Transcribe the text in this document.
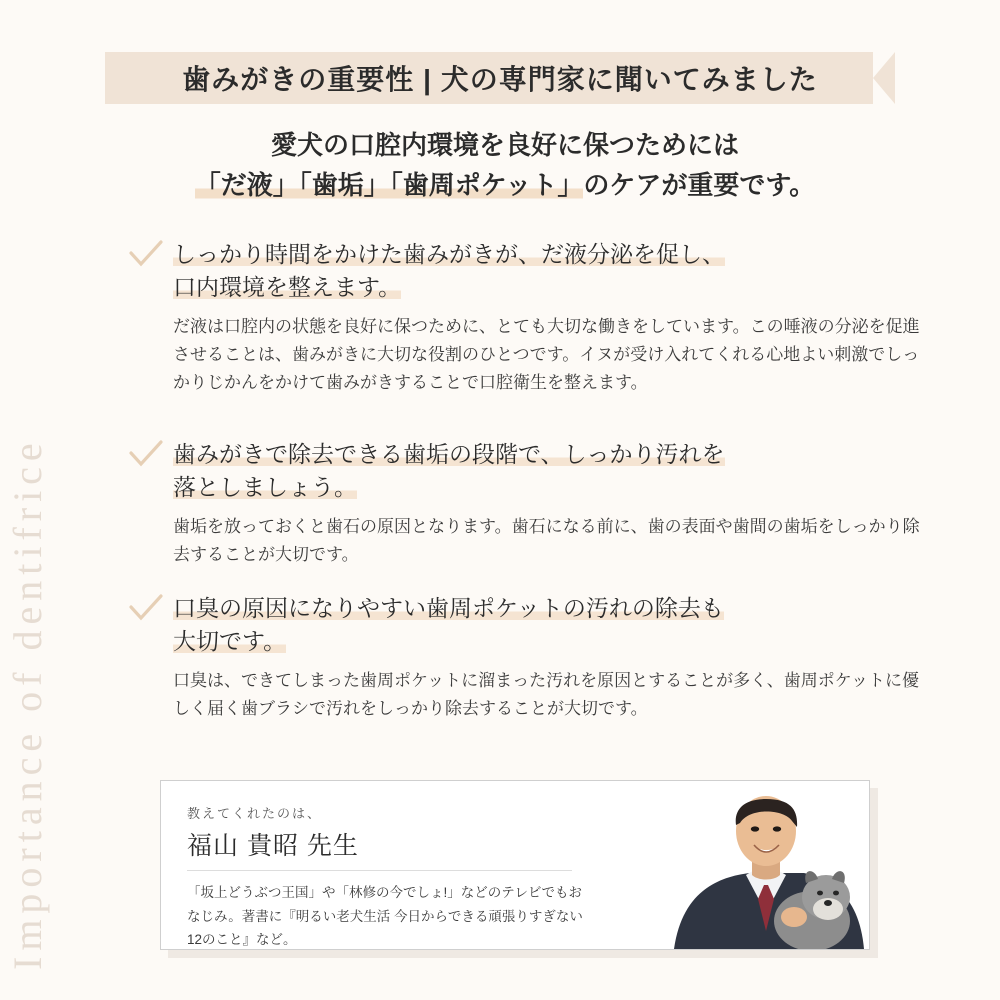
Importance of dentifrice
歯みがきの重要性 | 犬の専門家に聞いてみました
愛犬の口腔内環境を良好に保つためには
「だ液」「歯垢」「歯周ポケット」のケアが重要です。
しっかり時間をかけた歯みがきが、だ液分泌を促し、
口内環境を整えます。
だ液は口腔内の状態を良好に保つために、とても大切な働きをしています。この唾液の分泌を促進させることは、歯みがきに大切な役割のひとつです。イヌが受け入れてくれる心地よい刺激でしっかりじかんをかけて歯みがきすることで口腔衛生を整えます。
歯みがきで除去できる歯垢の段階で、しっかり汚れを
落としましょう。
歯垢を放っておくと歯石の原因となります。歯石になる前に、歯の表面や歯間の歯垢をしっかり除去することが大切です。
口臭の原因になりやすい歯周ポケットの汚れの除去も
大切です。
口臭は、できてしまった歯周ポケットに溜まった汚れを原因とすることが多く、歯周ポケットに優しく届く歯ブラシで汚れをしっかり除去することが大切です。
教えてくれたのは、
福山 貴昭 先生
「坂上どうぶつ王国」や「林修の今でしょ!」などのテレビでもおなじみ。著書に『明るい老犬生活 今日からできる頑張りすぎない12のこと』など。
